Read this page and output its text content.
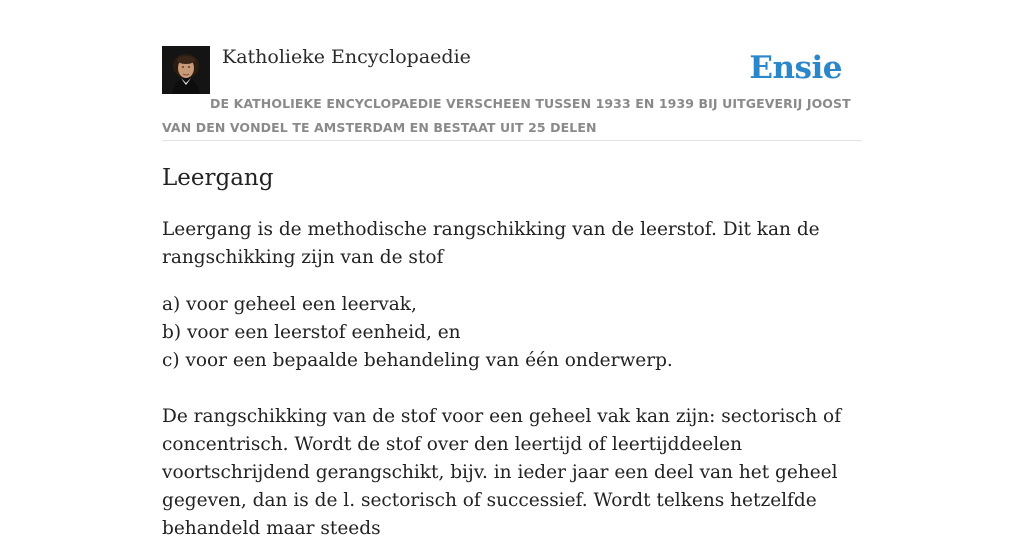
Katholieke Encyclopaedie	Ensie
DE KATHOLIEKE ENCYCLOPAEDIE VERSCHEEN TUSSEN 1933 EN 1939 BIJ UITGEVERIJ JOOST VAN DEN VONDEL TE AMSTERDAM EN BESTAAT UIT 25 DELEN
Leergang

Leergang is de methodische rangschikking van de leerstof. Dit kan de rangschikking zijn van de stof

a) voor geheel een leervak,
b) voor een leerstof eenheid, en
c) voor een bepaalde behandeling van één onderwerp.

De rangschikking van de stof voor een geheel vak kan zijn: sectorisch of concentrisch. Wordt de stof over den leertijd of leertijddeelen voortschrijdend gerangschikt, bijv. in ieder jaar een deel van het geheel gegeven, dan is de l. sectorisch of successief. Wordt telkens hetzelfde behandeld maar steeds
